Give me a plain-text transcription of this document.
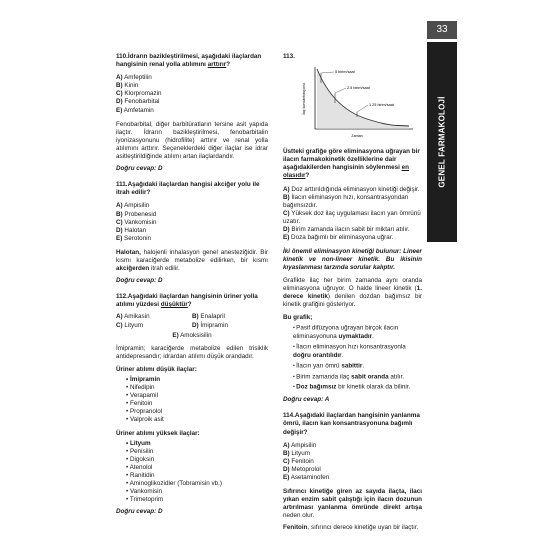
33
GENEL FARMAKOLOJİ
110.İdrarın bazikleştirilmesi, aşağıdaki ilaçlardan hangisinin renal yolla atılımını arttırır?
A) Amfeptilin
B) Kinin
C) Klorpromazin
D) Fenobarbital
E) Amfetamin

Fenobarbital, diğer barbitüratların tersine asit yapıda ilaçtır. İdrarın bazikleştirilmesi, fenobarbitalin iyonizasyonunu (hidrofilite) arttırır ve renal yolla atılımını arttırır. Seçeneklerdeki diğer ilaçlar ise idrar asitleştirildiğinde atılımı artan ilaçlardandır.

Doğru cevap: D
111.Aşağıdaki ilaçlardan hangisi akciğer yolu ile itrah edilir?
A) Ampisilin
B) Probenesid
C) Vankomisin
D) Halotan
E) Serotonin

Halotan, halojenli inhalasyon genel anesteziğidir. Bir kısmı karaciğerde metabolize edilirken, bir kısmı akciğerden itrah edilir.

Doğru cevap: D
112.Aşağıdaki ilaçlardan hangisinin üriner yolla atılımı yüzdesi düşüktür?
A) Amikasin	B) Enalapril
C) Lityum	D) İmipramin
E) Amoksisilin

İmipramin; karaciğerde metabolize edilen trisiklik antidepresandır; idrardan atılımı düşük orandadır.

Üriner atılımı düşük ilaçlar:
• İmipramin
• Nifedipin
• Verapamil
• Fenitoin
• Propranolol
• Valproik asit
Üriner atılımı yüksek ilaçlar:
• Lityum
• Penisilin
• Digoksin
• Atenolol
• Ranitidin
• Aminoglikozidler (Tobramisin vb.)
• Vankomisin
• Trimetoprim
Doğru cevap: D
113.
İlaç konsantrasyonu
Zaman
5 birim/saat
2.5 birim/saat
1.25 birim/saat
Üstteki grafiğe göre eliminasyona uğrayan bir ilacın farmakokinetik özelliklerine dair aşağıdakilerden hangisinin söylenmesi en olasıdır?
A) Doz arttırıldığında eliminasyon kinetiği değişir.
B) İlacın eliminasyon hızı, konsantrasyondan bağımsızdır.
C) Yüksek doz ilaç uygulaması ilacın yarı ömrünü uzatır.
D) Birim zamanda ilacın sabit bir miktarı atılır.
E) Doza bağımlı bir eliminasyona uğrar.

İki önemli eliminasyon kinetiği bulunur: Lineer kinetik ve non-lineer kinetik. Bu ikisinin kıyaslanması tarzında sorular kalıptır.

Grafikte ilaç her birim zamanda aynı oranda eliminasyona uğruyor. O halde lineer kinetik (1. derece kinetik) denilen dozdan bağımsız bir kinetik grafiğini gösteriyor.

Bu grafik;
▪ Pasif difüzyona uğrayan birçok ilacın eliminasyonuna uymaktadır.
▪ İlacın eliminasyon hızı konsantrasyonla doğru orantılıdır.
▪ İlacın yarı ömrü sabittir.
▪ Birim zamanda ilaç sabit oranda atılır.
▪ Doz bağımsız bir kinetik olarak da bilinir.
Doğru cevap: A
114.Aşağıdaki ilaçlardan hangisinin yanlanma ömrü, ilacın kan konsantrasyonuna bağımlı değişir?
A) Ampisilin
B) Lityum
C) Fenitoin
D) Metoprolol
E) Asetaminofen

Sıfırıncı kinetiğe giren az sayıda ilaçta, ilacı yıkan enzim sabit çalıştığı için ilacın dozunun artırılması yanlanma ömründe direkt artışa neden olur.

Fenitoin, sıfırıncı derece kinetiğe uyan bir ilaçtır.
